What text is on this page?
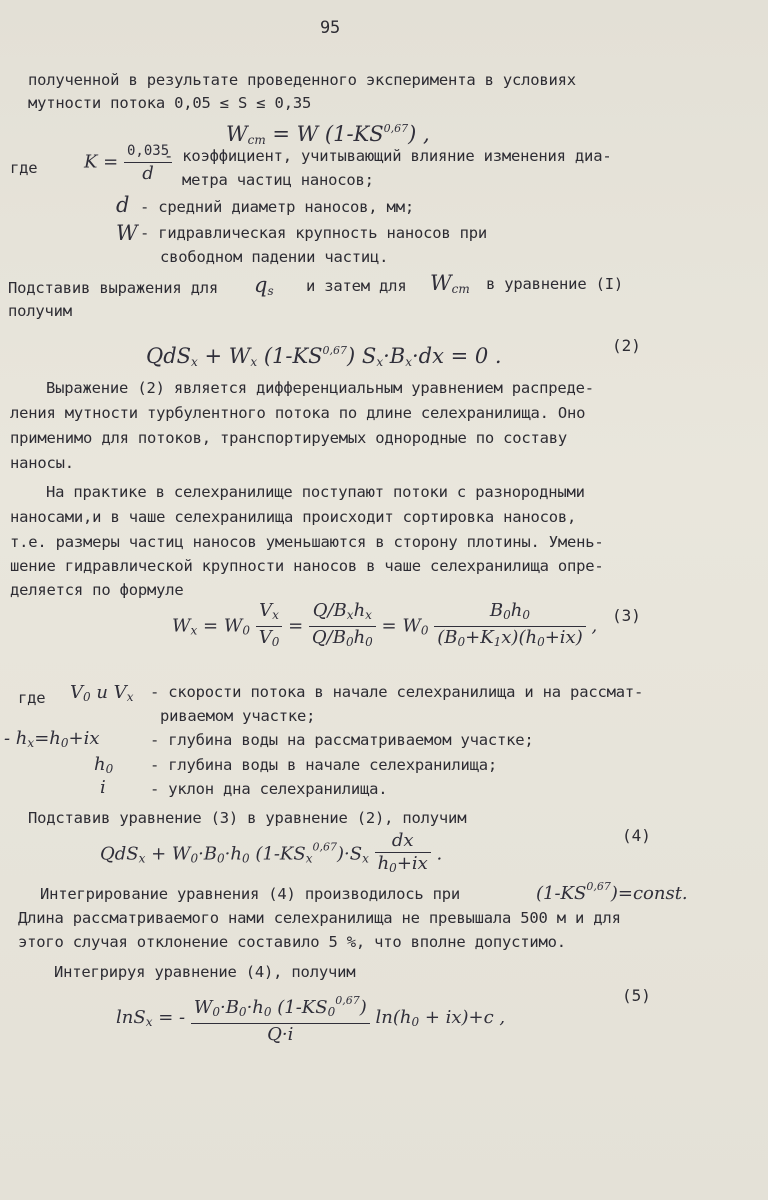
95
полученной в результате проведенного эксперимента в условиях
мутности потока 0,05 ≤ S ≤ 0,35
$W_{ст} = W$ (1-KS$^{0,67}$) ,
где	$K = \frac{0,035}{d}$
- коэффициент, учитывающий влияние изменения диа-
метра частиц наносов;
d - средний диаметр наносов, мм;
W - гидравлическая крупность наносов при
свободном падении частиц.
Подставив выражения для $q_s$ и затем для $W_{ст}$ в уравнение (I)
получим
$QdS_x + W_x$ (1-KS$^{0,67}$) $S_x\cdot B_x\cdot dx = 0$ .	(2)
Выражение (2) является дифференциальным уравнением распреде-
ления мутности турбулентного потока по длине селехранилища. Оно
применимо для потоков, транспортируемых однородные по составу
наносы.
На практике в селехранилище поступают потоки с разнородными
наносами,и в чаше селехранилища происходит сортировка наносов,
т.е. размеры частиц наносов уменьшаются в сторону плотины. Умень-
шение гидравлической крупности наносов в чаше селехранилища опре-
деляется по формуле
$W_x = W_0 \frac{V_x}{V_0} = \frac{Q/B_xh_x}{Q/B_0h_0} = W_0 \frac{B_0h_0}{(B_0+K_1x)(h_0+ix)}$ , (3)
где $V_0$ u $V_x$ - скорости потока в начале селехранилища и на рассмат-
риваемом участке;
- $h_x=h_0+ix$	- глубина воды на рассматриваемом участке;
$h_0$ - глубина воды в начале селехранилища;
i	- уклон дна селехранилища.
Подставив уравнение (3) в уравнение (2), получим
$QdS_x + W_0\cdot B_0\cdot h_0$ $(1-KS_x^{0,67})\cdot S_x \frac{dx}{h_0+ix}$ .
(4)
Интегрирование уравнения (4) производилось при	(1-KS$^{0,67}$)=const.
Длина рассматриваемого нами селехранилища не превышала 500 м и для
этого случая отклонение составило 5 %, что вполне допустимо.
Интегрируя уравнение (4), получим
lnS$_x$ = - $\frac{W_0\cdot B_0\cdot h_0 (1-KS_0^{0,67})}{Q\cdot i} \ln(h_0 + ix)+c$ ,
(5)
